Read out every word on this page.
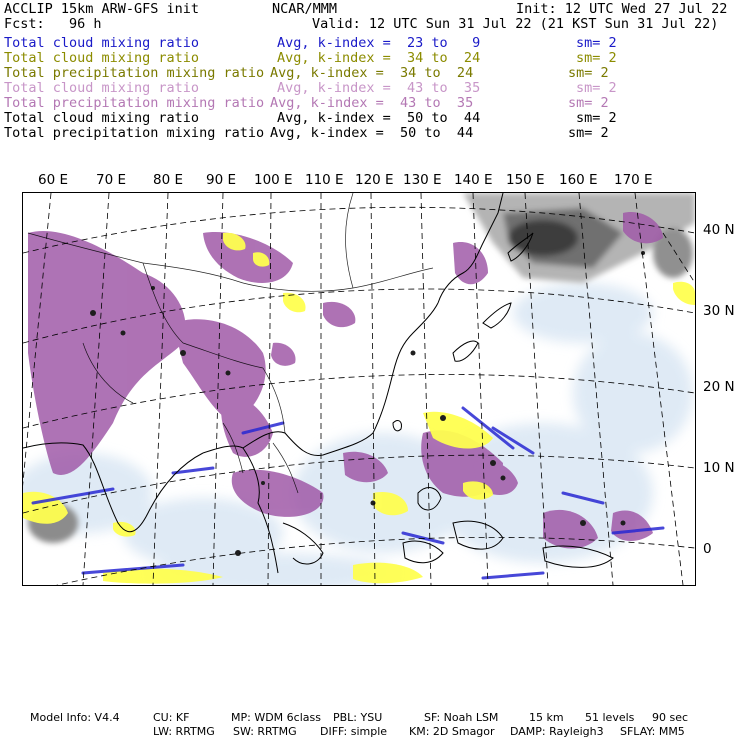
ACCLIP 15km ARW-GFS init	NCAR/MMM	Init: 12 UTC Wed 27 Jul 22
Fcst:   96 h	Valid: 12 UTC Sun 31 Jul 22 (21 KST Sun 31 Jul 22)
Total cloud mixing ratio	Avg, k-index =  23 to   9	sm= 2
Total cloud mixing ratio	Avg, k-index =  34 to  24	sm= 2
Total precipitation mixing ratio Avg, k-index =  34 to  24	sm= 2
Total cloud mixing ratio	Avg, k-index =  43 to  35	sm= 2
Total precipitation mixing ratio Avg, k-index =  43 to  35	sm= 2
Total cloud mixing ratio	Avg, k-index =  50 to  44	sm= 2
Total precipitation mixing ratio Avg, k-index =  50 to  44	sm= 2
60 E 70 E 80 E 90 E 100 E 110 E 120 E 130 E 140 E 150 E 160 E 170 E
40 N
30 N
20 N
10 N
0
Model Info: V4.4	CU: KF	MP: WDM 6class PBL: YSU	SF: Noah LSM	15 km 51 levels 90 sec
LW: RRTMG SW: RRTMG DIFF: simple KM: 2D Smagor DAMP: Rayleigh3 SFLAY: MM5
